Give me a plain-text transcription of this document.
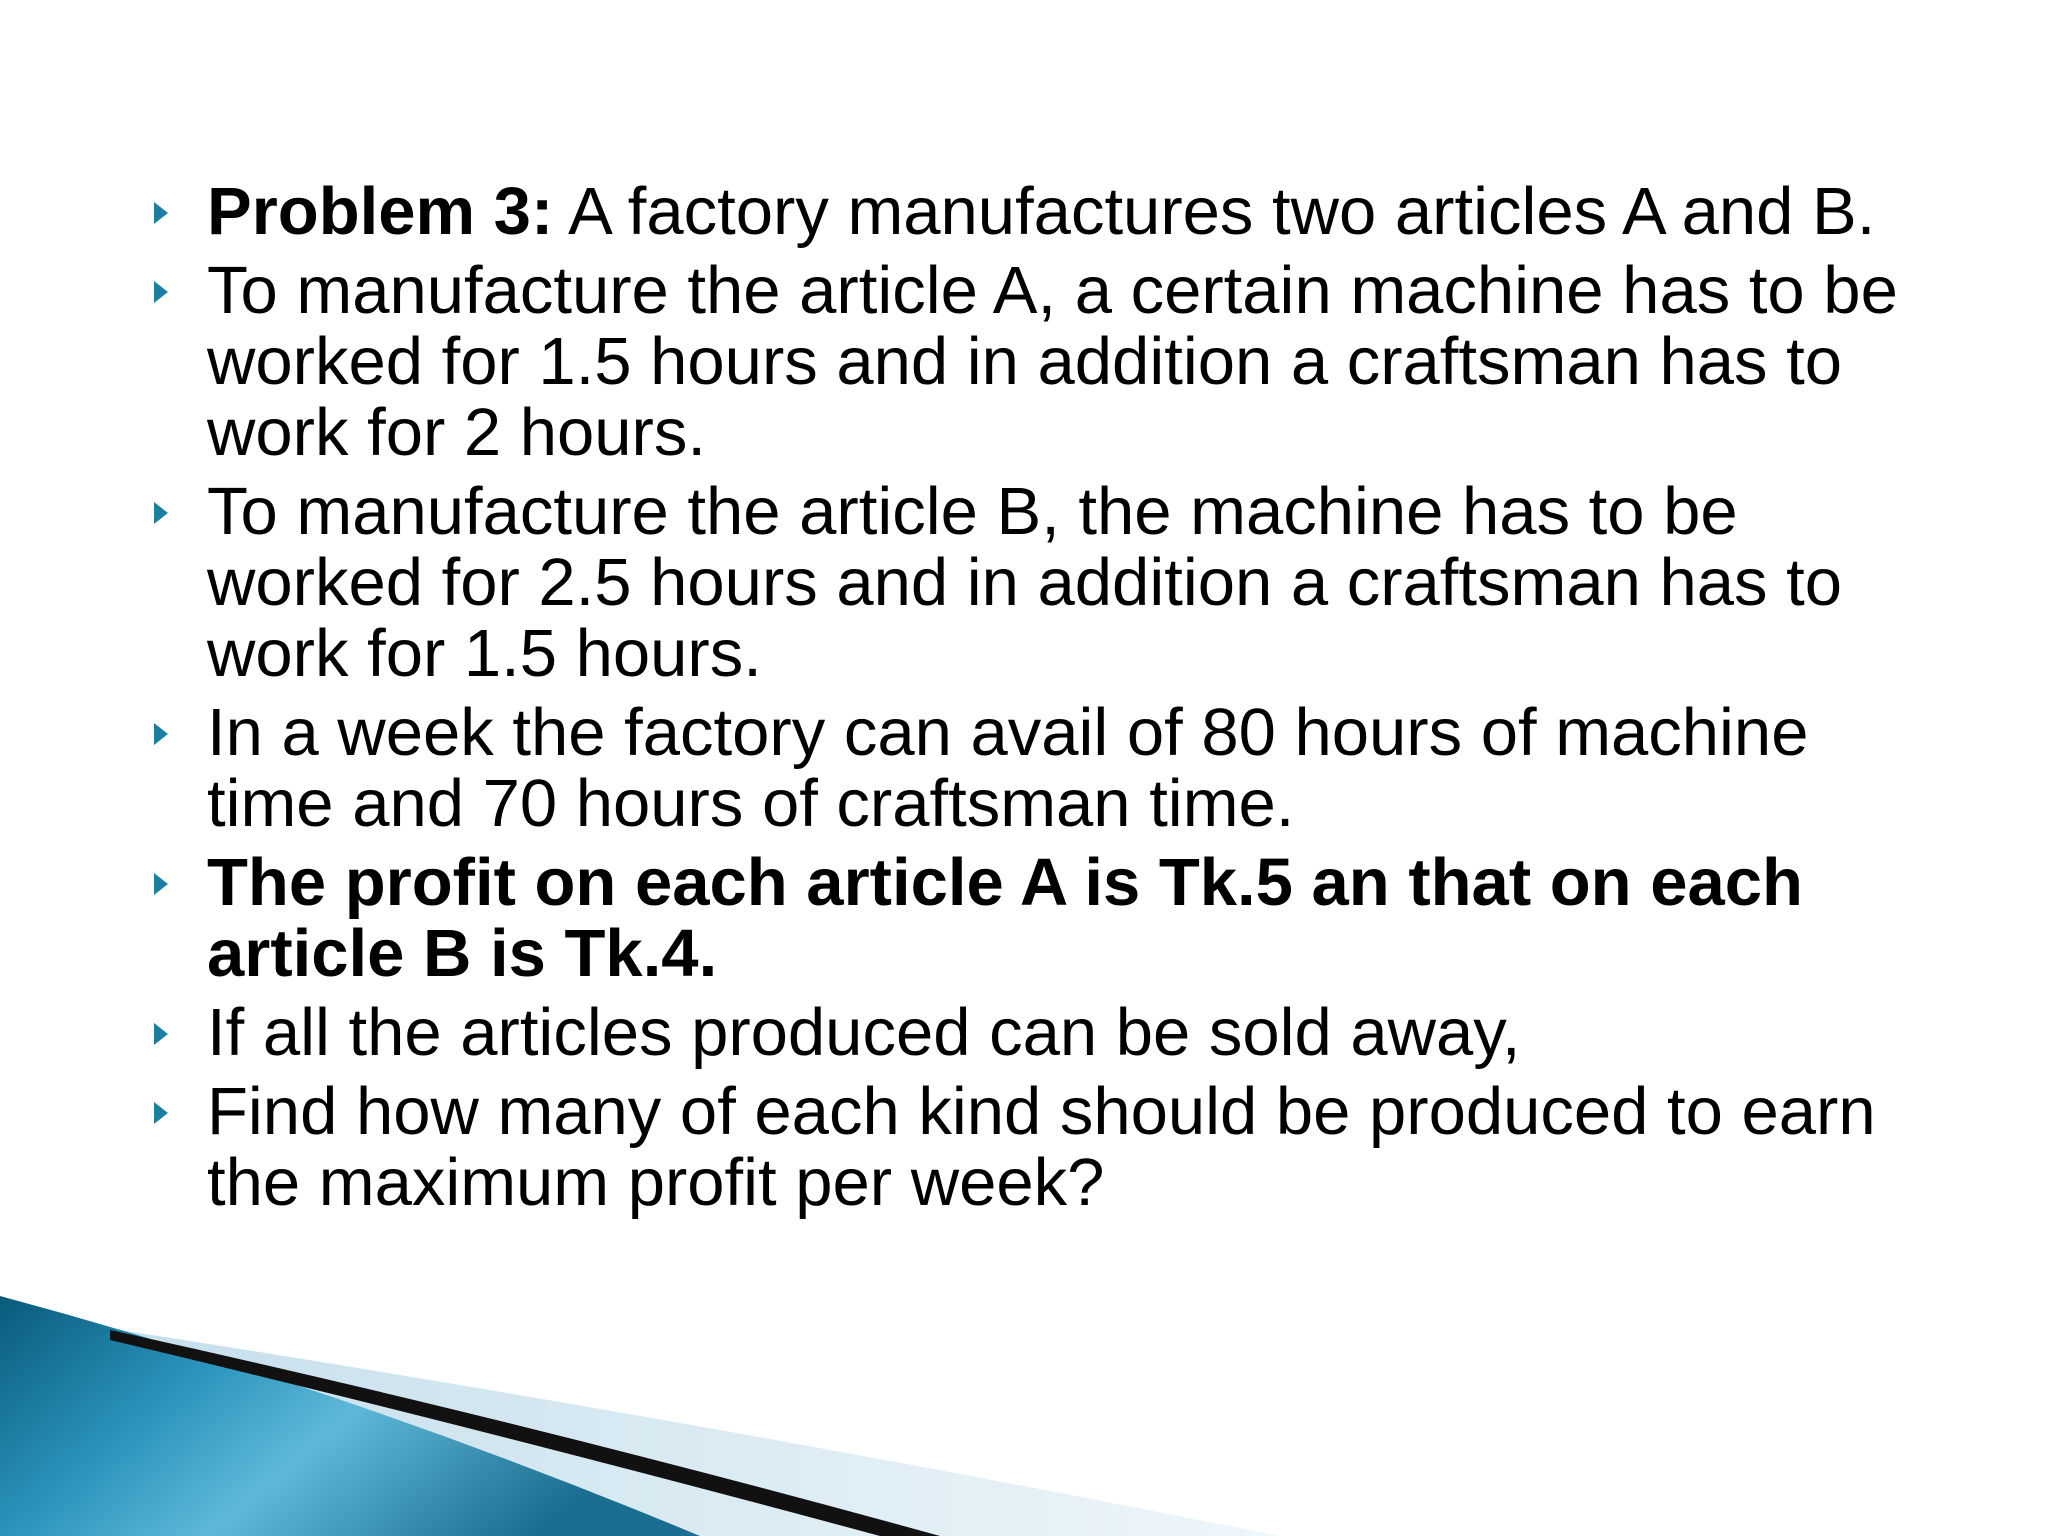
Problem 3: A factory manufactures two articles A and B.
To manufacture the article A, a certain machine has to be worked for 1.5 hours and in addition a craftsman has to work for 2 hours.
To manufacture the article B, the machine has to be worked for 2.5 hours and in addition a craftsman has to work for 1.5 hours.
In a week the factory can avail of 80 hours of machine time and 70 hours of craftsman time.
The profit on each article A is Tk.5 an that on each article B is Tk.4.
If all the articles produced can be sold away,
Find how many of each kind should be produced to earn the maximum profit per week?
